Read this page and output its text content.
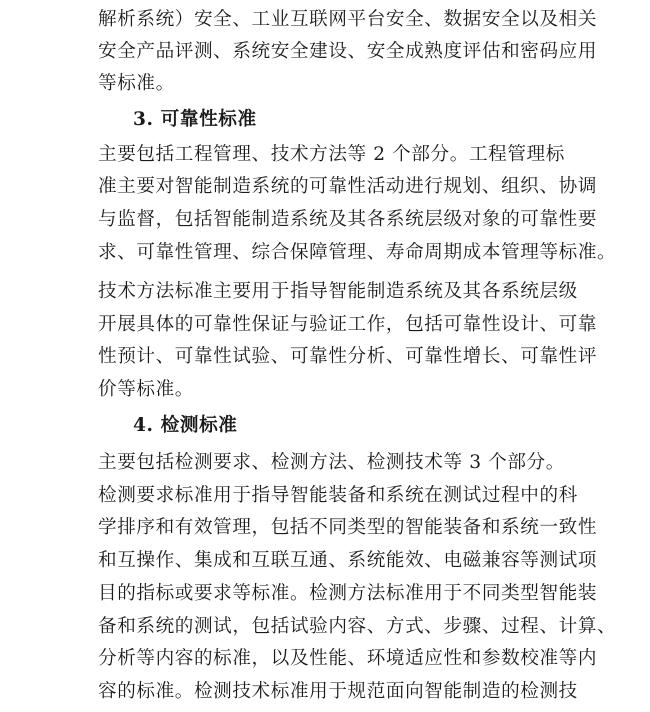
解析系统）安全、工业互联网平台安全、数据安全以及相关
安全产品评测、系统安全建设、安全成熟度评估和密码应用
等标准。
3. 可靠性标准
主要包括工程管理、技术方法等 2 个部分。工程管理标
准主要对智能制造系统的可靠性活动进行规划、组织、协调
与监督，包括智能制造系统及其各系统层级对象的可靠性要
求、可靠性管理、综合保障管理、寿命周期成本管理等标准。
技术方法标准主要用于指导智能制造系统及其各系统层级
开展具体的可靠性保证与验证工作，包括可靠性设计、可靠
性预计、可靠性试验、可靠性分析、可靠性增长、可靠性评
价等标准。
4. 检测标准
主要包括检测要求、检测方法、检测技术等 3 个部分。
检测要求标准用于指导智能装备和系统在测试过程中的科
学排序和有效管理，包括不同类型的智能装备和系统一致性
和互操作、集成和互联互通、系统能效、电磁兼容等测试项
目的指标或要求等标准。检测方法标准用于不同类型智能装
备和系统的测试，包括试验内容、方式、步骤、过程、计算、
分析等内容的标准，以及性能、环境适应性和参数校准等内
容的标准。检测技术标准用于规范面向智能制造的检测技
